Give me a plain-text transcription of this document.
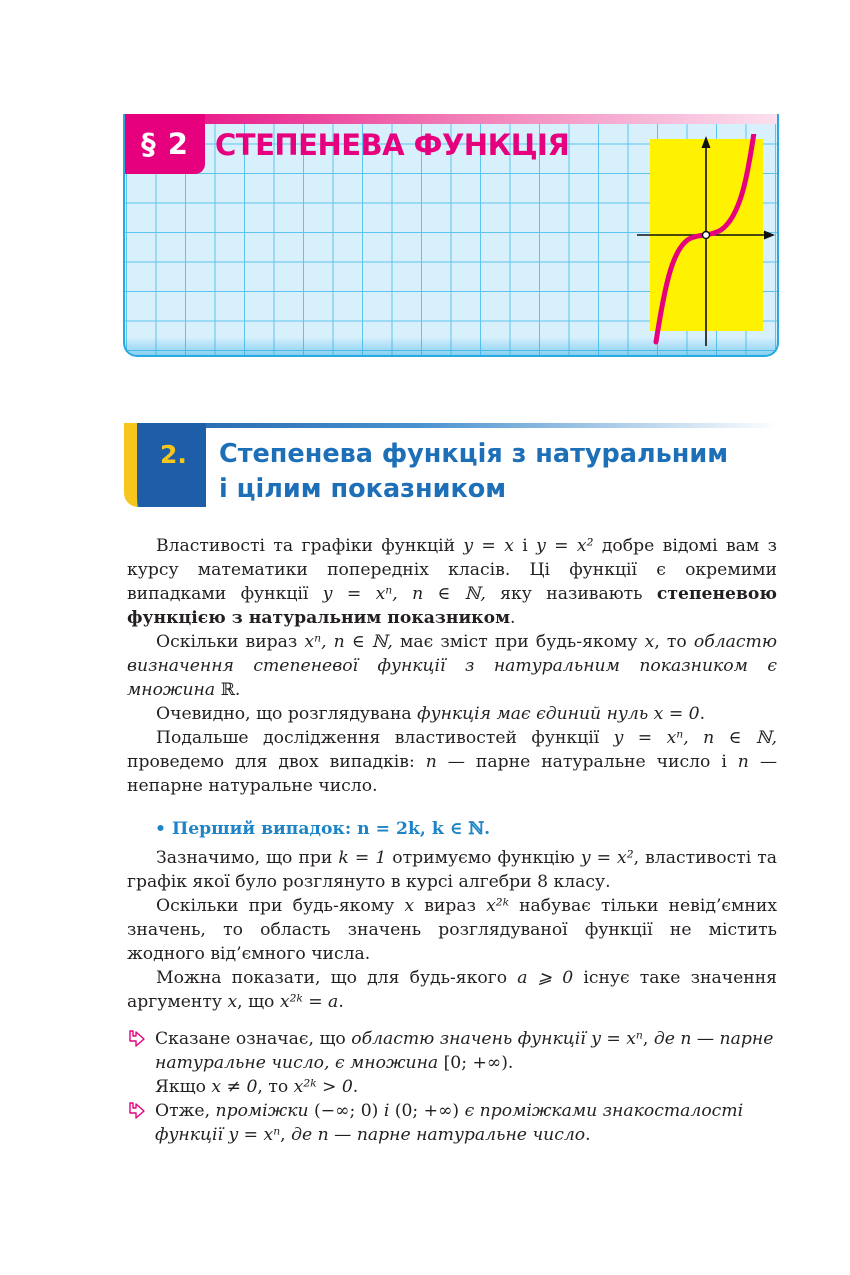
§ 2 СТЕПЕНЕВА ФУНКЦІЯ
2. Степенева функція з натуральним
і цілим показником

Властивості та графіки функцій y = x і y = x² добре відомі вам з курсу математики попередніх класів. Ці функції є окремими випадками функції y = xⁿ, n ∈ ℕ, яку називають степеневою функцією з натуральним показником.

Оскільки вираз xⁿ, n ∈ ℕ, має зміст при будь-якому x, то областю визначення степеневої функції з натуральним показником є множина ℝ.

Очевидно, що розглядувана функція має єдиний нуль x = 0.

Подальше дослідження властивостей функції y = xⁿ, n ∈ ℕ, проведемо для двох випадків: n — парне натуральне число і n — непарне натуральне число.

• Перший випадок: n = 2k, k ∈ ℕ.

Зазначимо, що при k = 1 отримуємо функцію y = x², властивості та графік якої було розглянуто в курсі алгебри 8 класу.

Оскільки при будь-якому x вираз x²ᵏ набуває тільки невід’ємних значень, то область значень розглядуваної функції не містить жодного від’ємного числа.

Можна показати, що для будь-якого a ⩾ 0 існує таке значення аргументу x, що x²ᵏ = a.

Сказане означає, що областю значень функції y = xⁿ, де n — парне натуральне число, є множина [0; +∞).
Якщо x ≠ 0, то x²ᵏ > 0.
Отже, проміжки (−∞; 0) і (0; +∞) є проміжками знакосталості функції y = xⁿ, де n — парне натуральне число.
